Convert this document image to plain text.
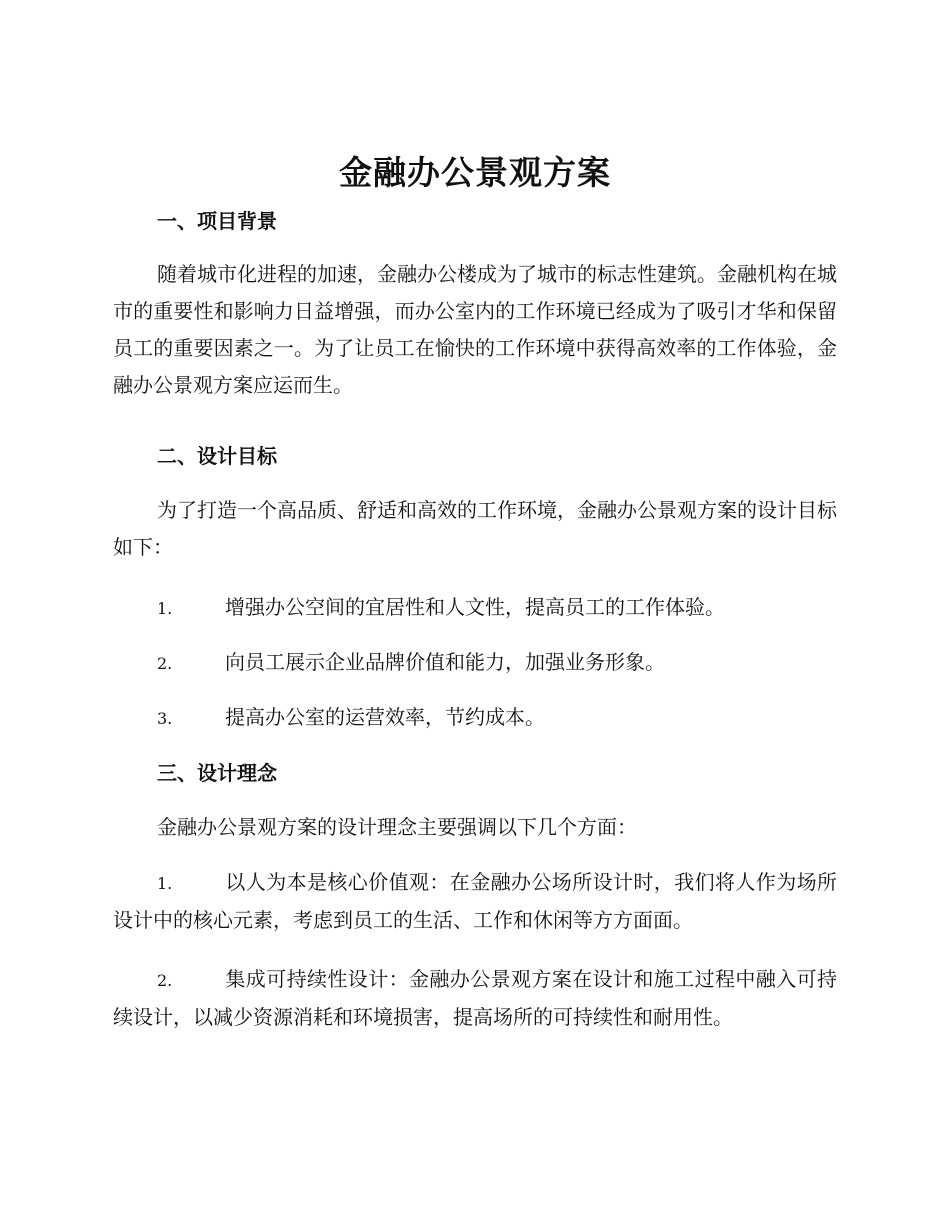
金融办公景观方案
一、项目背景

随着城市化进程的加速，金融办公楼成为了城市的标志性建筑。金融机构在城市的重要性和影响力日益增强，而办公室内的工作环境已经成为了吸引才华和保留员工的重要因素之一。为了让员工在愉快的工作环境中获得高效率的工作体验，金融办公景观方案应运而生。

二、设计目标

为了打造一个高品质、舒适和高效的工作环境，金融办公景观方案的设计目标如下：

1.	增强办公空间的宜居性和人文性，提高员工的工作体验。

2.	向员工展示企业品牌价值和能力，加强业务形象。

3.	提高办公室的运营效率，节约成本。

三、设计理念

金融办公景观方案的设计理念主要强调以下几个方面：

1.	以人为本是核心价值观：在金融办公场所设计时，我们将人作为场所设计中的核心元素，考虑到员工的生活、工作和休闲等方方面面。

2.	集成可持续性设计：金融办公景观方案在设计和施工过程中融入可持续设计，以减少资源消耗和环境损害，提高场所的可持续性和耐用性。
